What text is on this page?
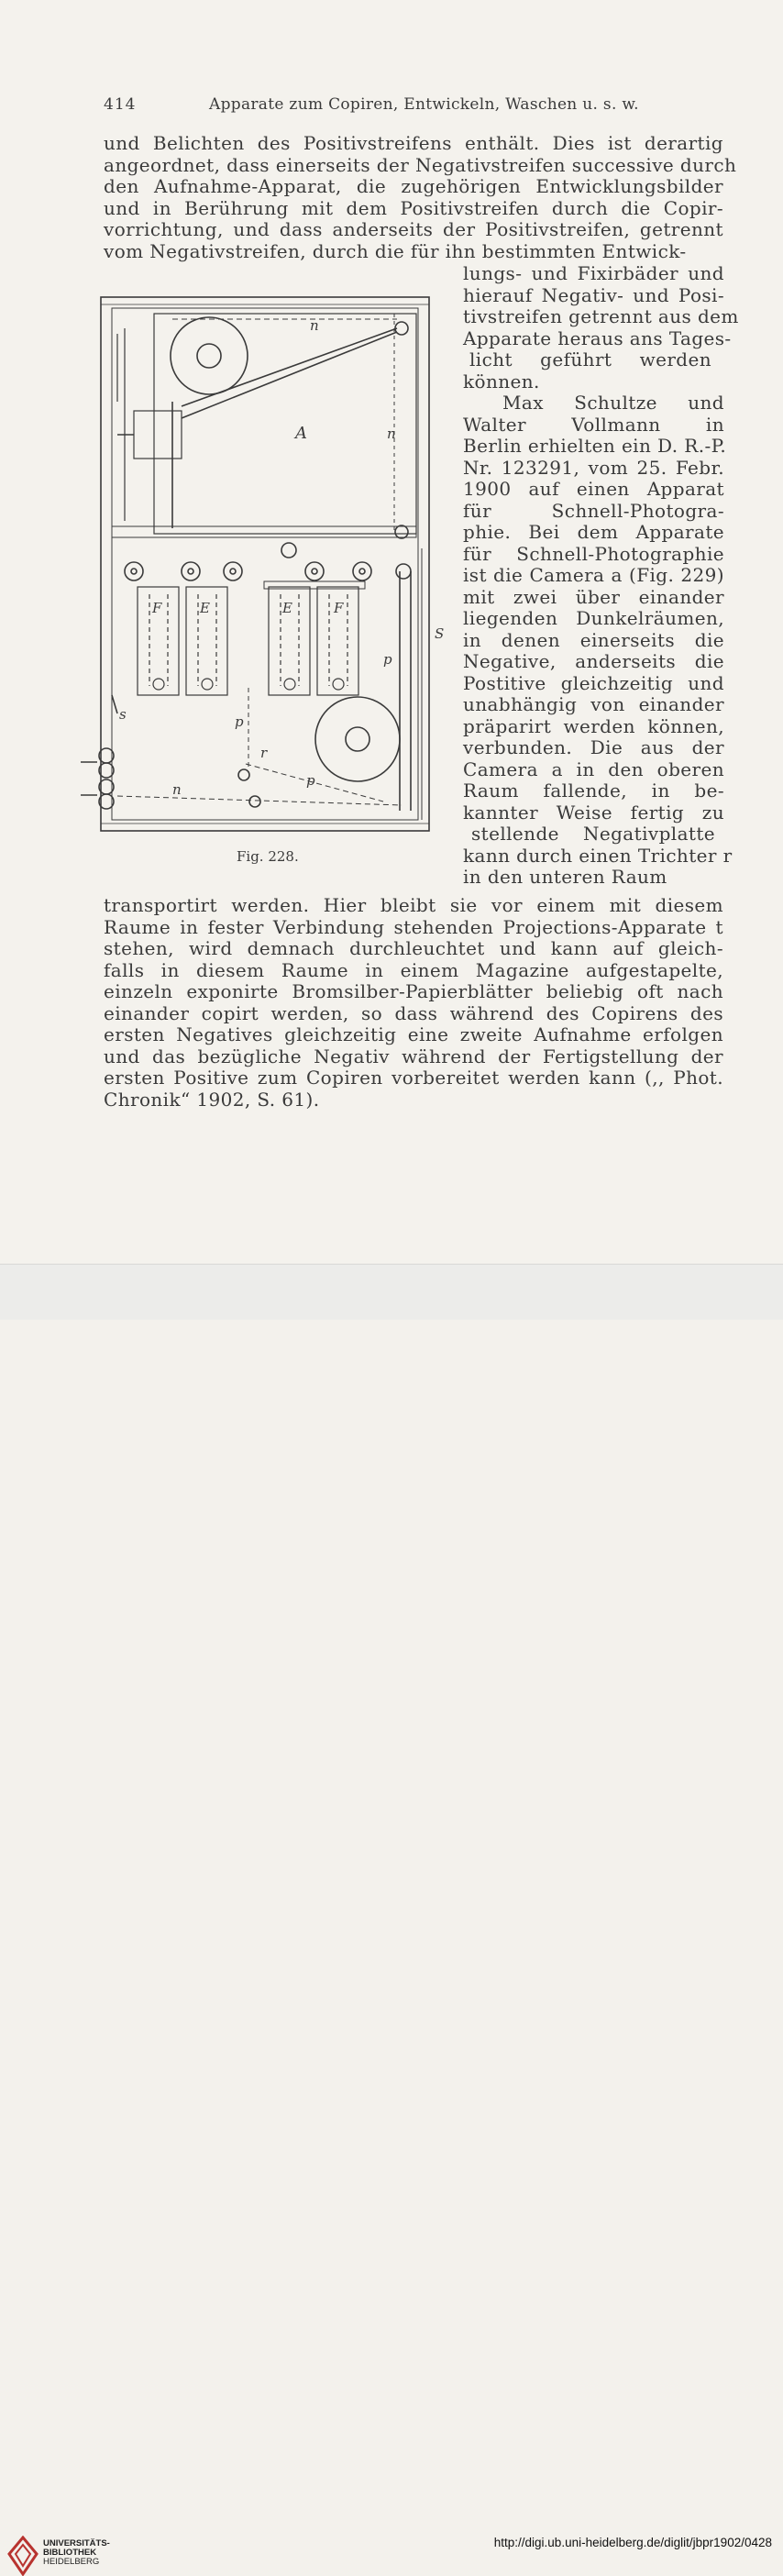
414	Apparate zum Copiren, Entwickeln, Waschen u. s. w.
und Belichten des Positivstreifens enthält. Dies ist derartig
angeordnet, dass einerseits der Negativstreifen successive durch
den Aufnahme-Apparat, die zugehörigen Entwicklungsbilder
und in Berührung mit dem Positivstreifen durch die Copir-
vorrichtung, und dass anderseits der Positivstreifen, getrennt
vom Negativstreifen, durch die für ihn bestimmten Entwick-
lungs- und Fixirbäder und
hierauf Negativ- und Posi-
tivstreifen getrennt aus dem
Apparate heraus ans Tages-
licht geführt werden
können.
Max Schultze und
Walter Vollmann in
Berlin erhielten ein D. R.-P.
Nr. 123291, vom 25. Febr.
1900 auf einen Apparat
für Schnell-Photogra-
phie. Bei dem Apparate
für Schnell-Photographie
ist die Camera a (Fig. 229)
mit zwei über einander
liegenden Dunkelräumen,
in denen einerseits die
Negative, anderseits die
Postitive gleichzeitig und
unabhängig von einander
präparirt werden können,
verbunden. Die aus der
Camera a in den oberen
Raum fallende, in be-
kannter Weise fertig zu
stellende Negativplatte
kann durch einen Trichter r
in den unteren Raum
transportirt werden. Hier bleibt sie vor einem mit diesem
Raume in fester Verbindung stehenden Projections-Apparate t
stehen, wird demnach durchleuchtet und kann auf gleich-
falls in diesem Raume in einem Magazine aufgestapelte,
einzeln exponirte Bromsilber-Papierblätter beliebig oft nach
einander copirt werden, so dass während des Copirens des
ersten Negatives gleichzeitig eine zweite Aufnahme erfolgen
und das bezügliche Negativ während der Fertigstellung der
ersten Positive zum Copiren vorbereitet werden kann (,, Phot.
Chronik“ 1902, S. 61).
n
A	n
F	E	E	F
p
p
r
p
n
s
S
Fig. 228.
UNIVERSITÄTS-
BIBLIOTHEK
HEIDELBERG
http://digi.ub.uni-heidelberg.de/diglit/jbpr1902/0428
